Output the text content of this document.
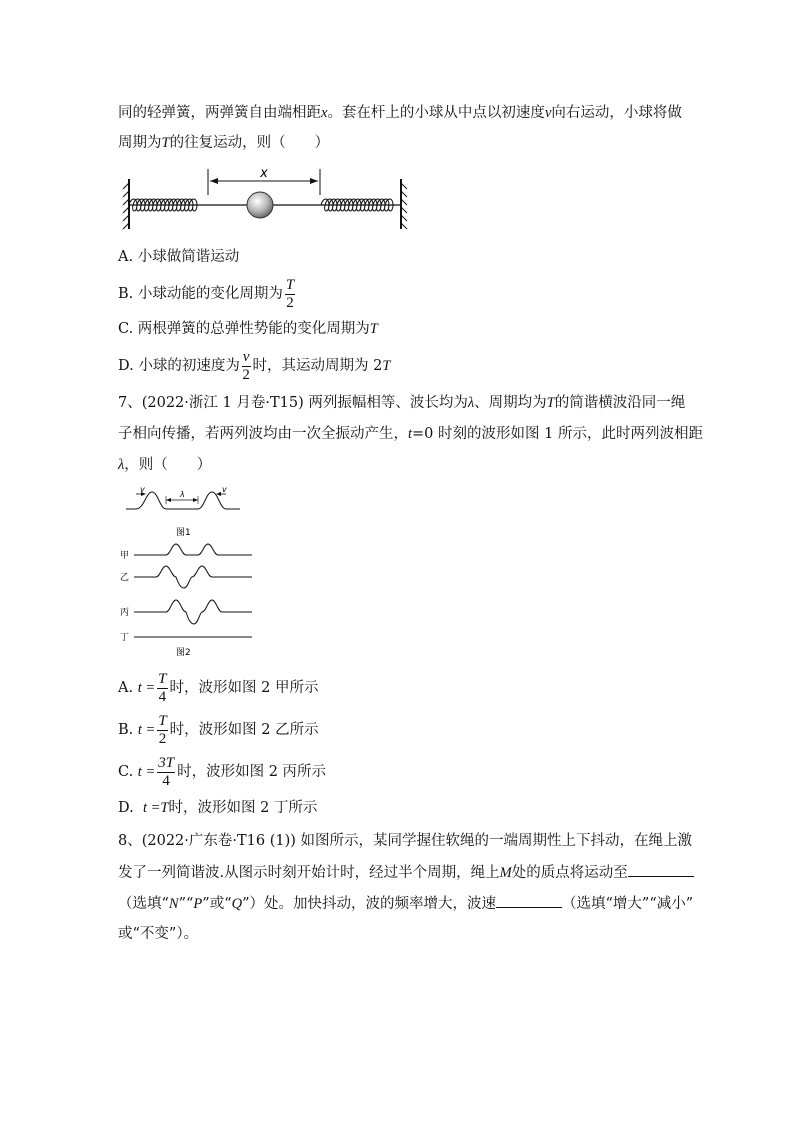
同的轻弹簧，两弹簧自由端相距x。套在杆上的小球从中点以初速度v向右运动，小球将做
周期为T的往复运动，则（　　）
x
A. 小球做简谐运动
B. 小球动能的变化周期为 $\frac{T}{2}$
C. 两根弹簧的总弹性势能的变化周期为T
D. 小球的初速度为 $\frac{v}{2}$ 时，其运动周期为 2 T
7、(2022·浙江 1 月卷·T15) 两列振幅相等、波长均为λ、周期均为T的简谐横波沿同一绳
子相向传播，若两列波均由一次全振动产生，t=0 时刻的波形如图 1 所示，此时两列波相距
λ，则（　　）
v	v
λ
图1
甲
乙
丙
丁
图2
A.
$t = \frac{T}{4}$ 时，波形如图 2 甲所示
B.
$t = \frac{T}{2}$ 时，波形如图 2 乙所示
C.
$t = \frac{3T}{4}$ 时，波形如图 2 丙所示
D. t =T时，波形如图 2 丁所示
8、(2022·广东卷·T16 (1)) 如图所示，某同学握住软绳的一端周期性上下抖动，在绳上激
发了一列简谐波.从图示时刻开始计时，经过半个周期，绳上M处的质点将运动至
（选填“N”“P”或“Q”）处。加快抖动，波的频率增大，波速	（选填“增大”“减小”
或“不变”）。
